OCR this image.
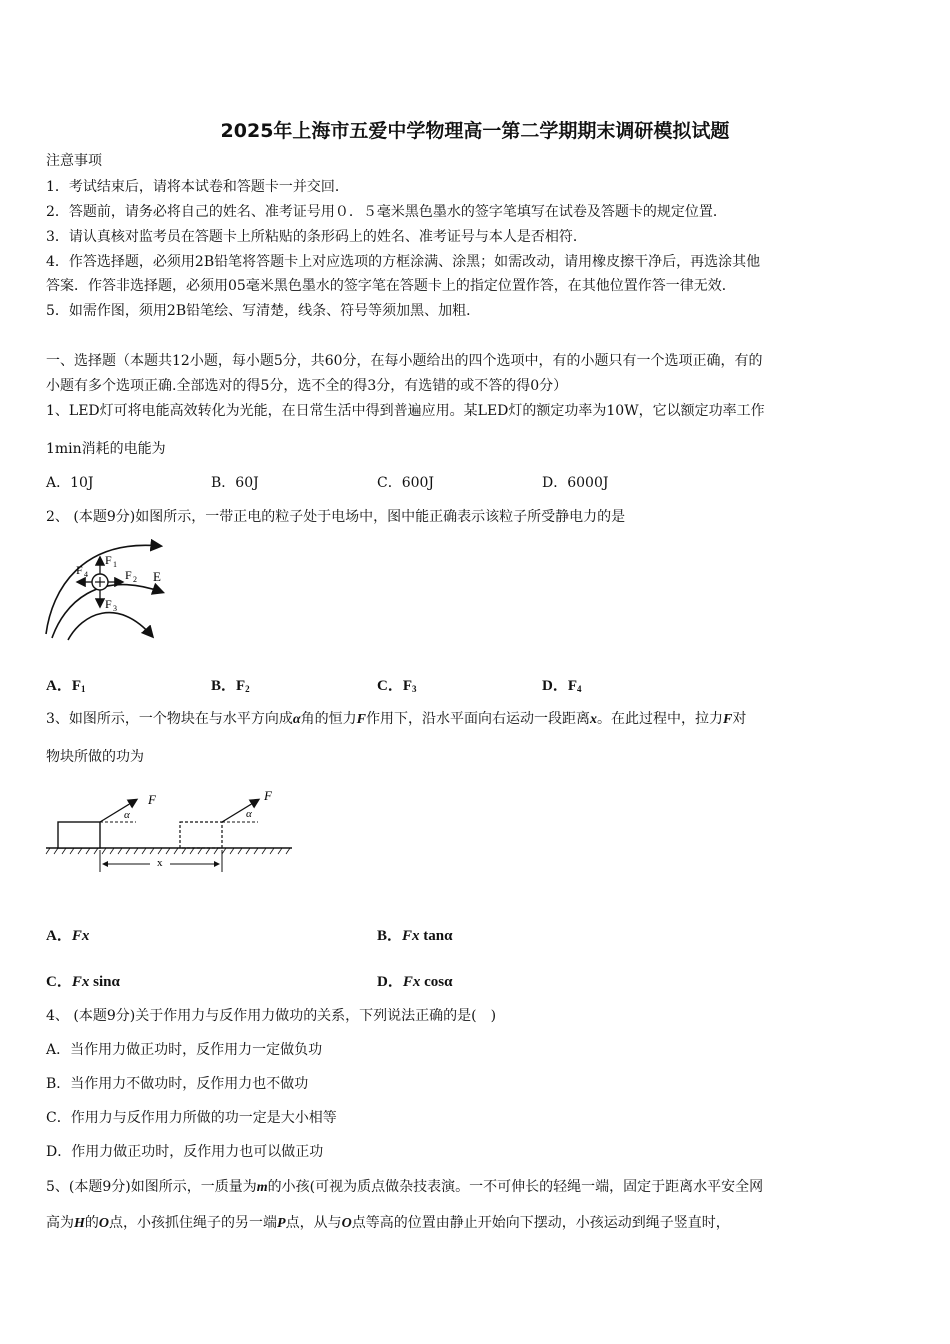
2025年上海市五爱中学物理高一第二学期期末调研模拟试题
注意事项
1．考试结束后，请将本试卷和答题卡一并交回．
2．答题前，请务必将自己的姓名、准考证号用０．５毫米黑色墨水的签字笔填写在试卷及答题卡的规定位置．
3．请认真核对监考员在答题卡上所粘贴的条形码上的姓名、准考证号与本人是否相符．
4．作答选择题，必须用2B铅笔将答题卡上对应选项的方框涂满、涂黑；如需改动，请用橡皮擦干净后，再选涂其他
答案．作答非选择题，必须用05毫米黑色墨水的签字笔在答题卡上的指定位置作答，在其他位置作答一律无效．
5．如需作图，须用2B铅笔绘、写清楚，线条、符号等须加黑、加粗．
一、选择题（本题共12小题，每小题5分，共60分，在每小题给出的四个选项中，有的小题只有一个选项正确，有的
小题有多个选项正确.全部选对的得5分，选不全的得3分，有选错的或不答的得0分）
1、LED灯可将电能高效转化为光能，在日常生活中得到普遍应用。某LED灯的额定功率为10W，它以额定功率工作
1min消耗的电能为
A．10J	B．60J	C．600J	D．6000J
2、 (本题9分)如图所示，一带正电的粒子处于电场中，图中能正确表示该粒子所受静电力的是
F 1
F 2
F 3
F 4	E
A．$F_1$	B．$F_2$	C．$F_3$	D．$F_4$
3、如图所示，一个物块在与水平方向成α角的恒力F作用下，沿水平面向右运动一段距离x。在此过程中，拉力F对
物块所做的功为
F
α
F
α
x
A．Fx	B．Fx tanα
C．Fx sinα	D．Fx cosα
4、 (本题9分)关于作用力与反作用力做功的关系，下列说法正确的是(　)
A．当作用力做正功时，反作用力一定做负功
B．当作用力不做功时，反作用力也不做功
C．作用力与反作用力所做的功一定是大小相等
D．作用力做正功时，反作用力也可以做正功
5、(本题9分)如图所示，一质量为m的小孩(可视为质点做杂技表演。一不可伸长的轻绳一端，固定于距离水平安全网
高为H的O点，小孩抓住绳子的另一端P点，从与O点等高的位置由静止开始向下摆动，小孩运动到绳子竖直时，
